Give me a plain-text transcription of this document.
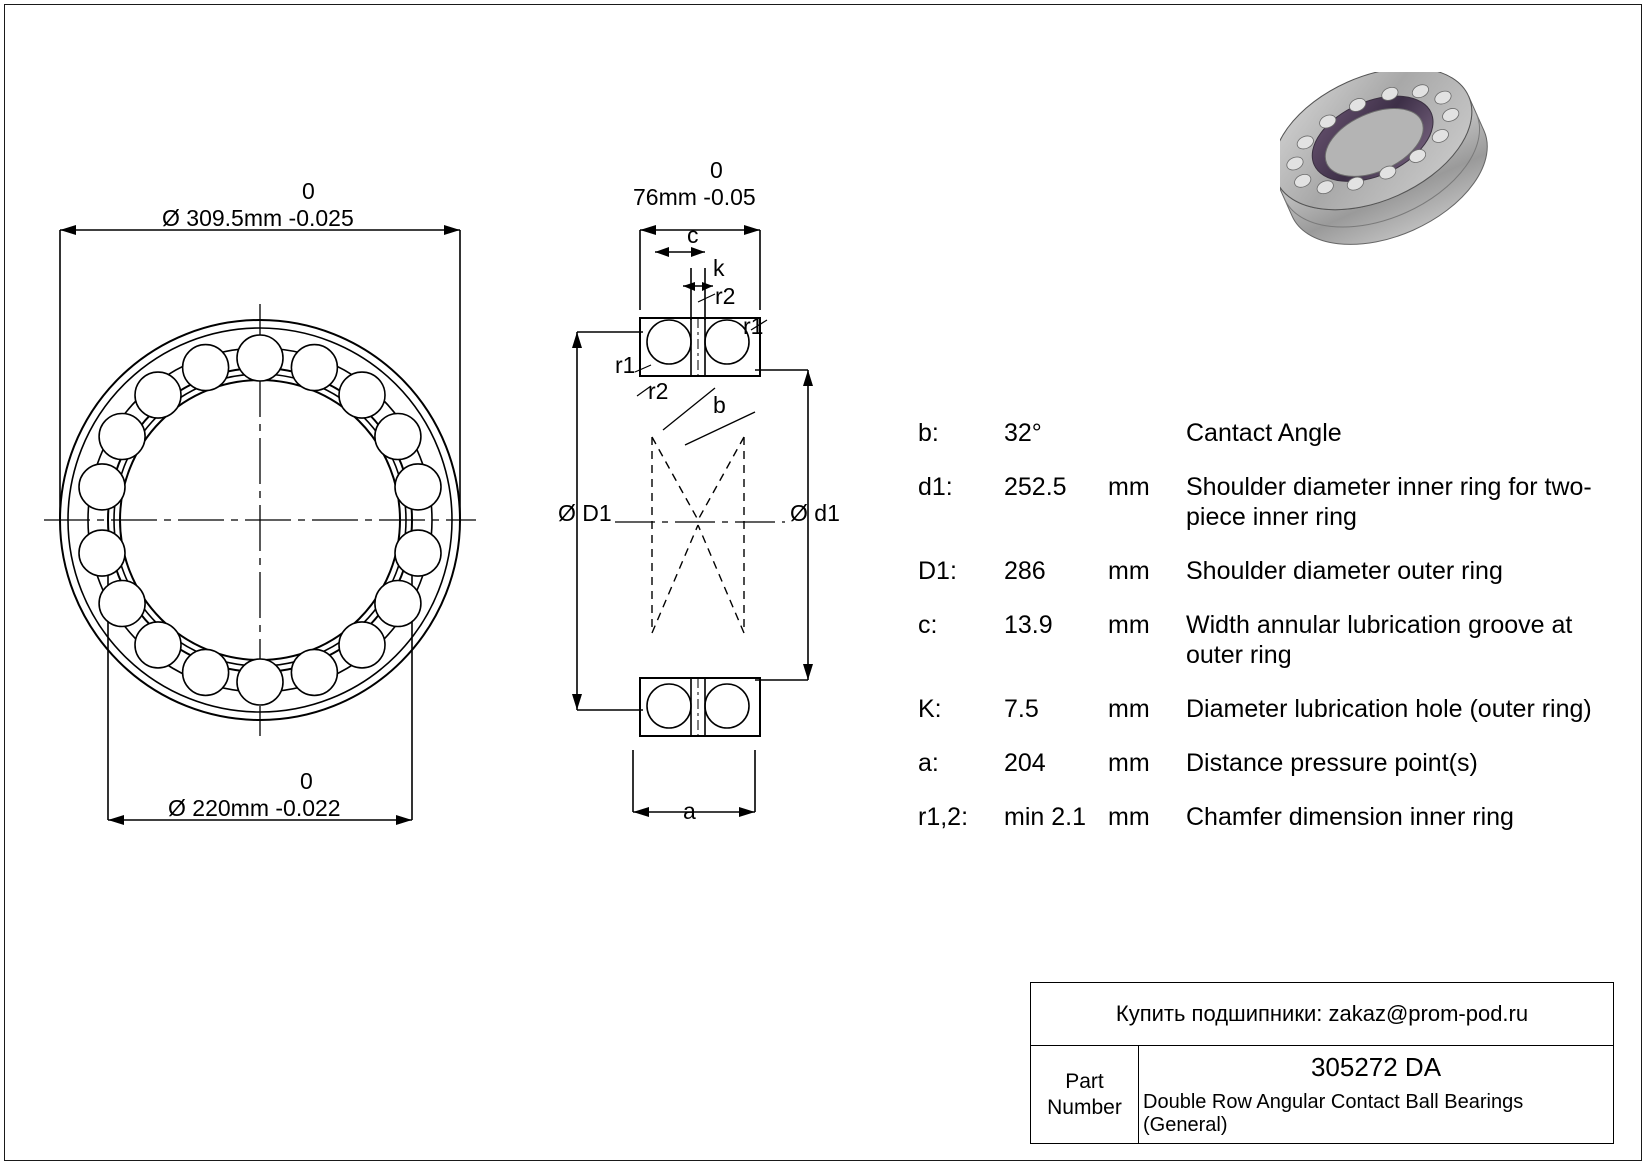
0
Ø 309.5mm -0.025
0
Ø 220mm -0.022
0
76mm -0.05
c
k
r2
r1
r1
r2
b
Ø D1	Ø d1
a
b:	32°		Cantact Angle
d1:	252.5	mm	Shoulder diameter inner ring for two-piece inner ring
D1:	286	mm	Shoulder diameter outer ring
c:	13.9	mm	Width annular lubrication groove at outer ring
K:	7.5	mm	Diameter lubrication hole (outer ring)
a:	204	mm	Distance pressure point(s)
r1,2:	min 2.1	mm	Chamfer dimension inner ring
Купить подшипники: zakaz@prom-pod.ru
Part
Number
305272 DA
Double Row Angular Contact Ball Bearings (General)
